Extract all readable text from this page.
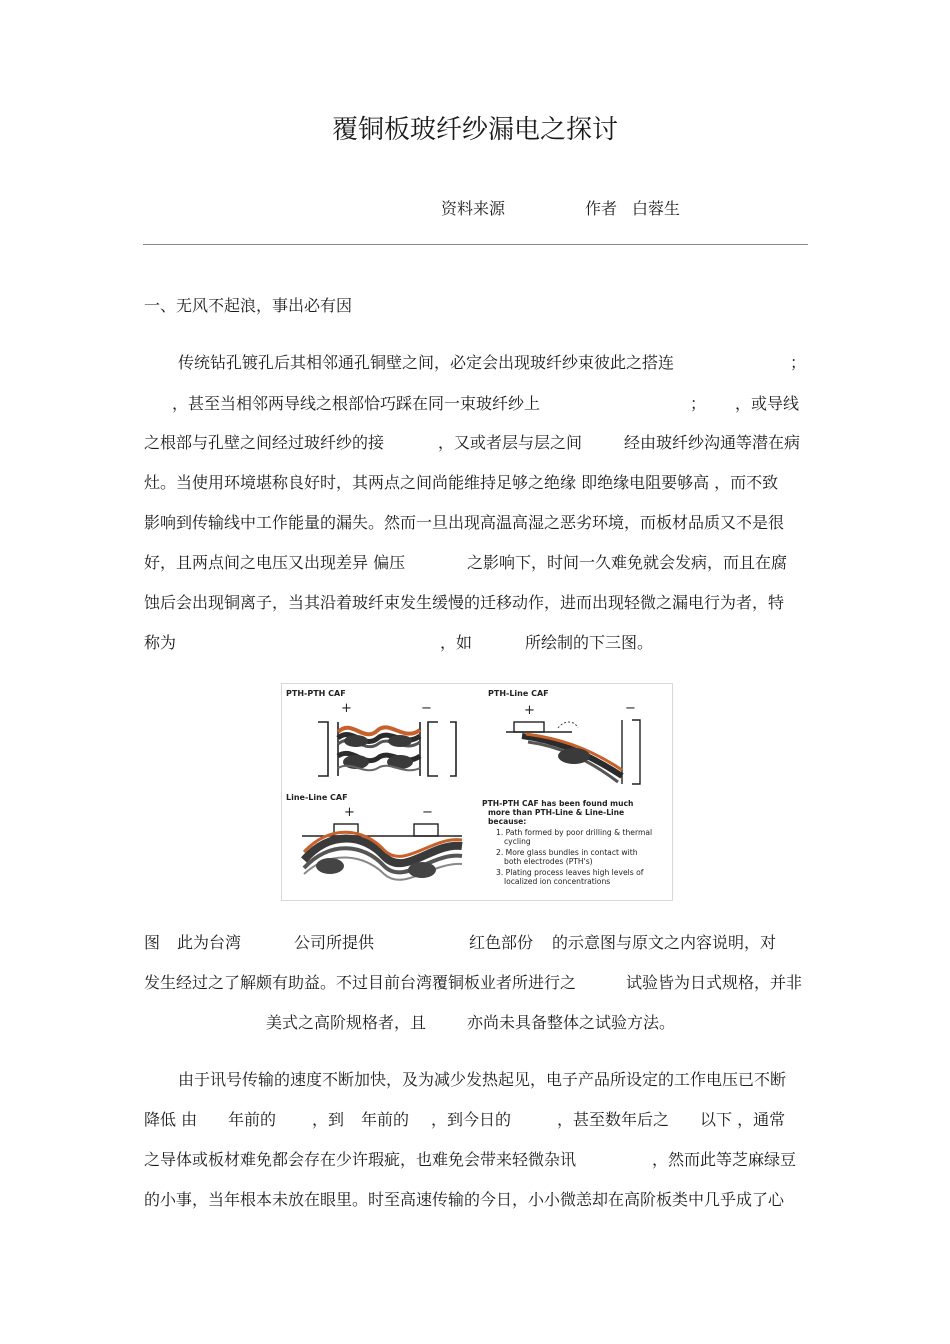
覆铜板玻纤纱漏电之探讨
资料来源	作者 白蓉生
一、无风不起浪，事出必有因
传统钻孔镀孔后其相邻通孔铜壁之间，必定会出现玻纤纱束彼此之搭连	；
，甚至当相邻两导线之根部恰巧踩在同一束玻纤纱上	； ，或导线
之根部与孔壁之间经过玻纤纱的接	，又或者层与层之间	经由玻纤纱沟通等潜在病
灶。当使用环境堪称良好时，其两点之间尚能维持足够之绝缘 即绝缘电阻要够高 ，而不致
影响到传输线中工作能量的漏失。然而一旦出现高温高湿之恶劣环境，而板材品质又不是很
好，且两点间之电压又出现差异 偏压	之影响下，时间一久难免就会发病，而且在腐
蚀后会出现铜离子，当其沿着玻纤束发生缓慢的迁移动作，进而出现轻微之漏电行为者，特
称为	，如	所绘制的下三图。
PTH-PTH CAF
+	−
PTH-Line CAF
+	−
Line-Line CAF
+	−
PTH-PTH CAF has been found much
more than PTH-Line & Line-Line
because:
1. Path formed by poor drilling & thermal
cycling
2. More glass bundles in contact with
both electrodes (PTH's)
3. Plating process leaves high levels of
localized ion concentrations
图 此为台湾	公司所提供	红色部份 的示意图与原文之内容说明，对
发生经过之了解颇有助益。不过目前台湾覆铜板业者所进行之	试验皆为日式规格，并非
美式之高阶规格者，且	亦尚未具备整体之试验方法。
由于讯号传输的速度不断加快，及为减少发热起见，电子产品所设定的工作电压已不断
降低 由 年前的 ，到 年前的 ，到今日的	，甚至数年后之 以下 ，通常
之导体或板材难免都会存在少许瑕疵，也难免会带来轻微杂讯	，然而此等芝麻绿豆
的小事，当年根本未放在眼里。时至高速传输的今日，小小微恙却在高阶板类中几乎成了心
